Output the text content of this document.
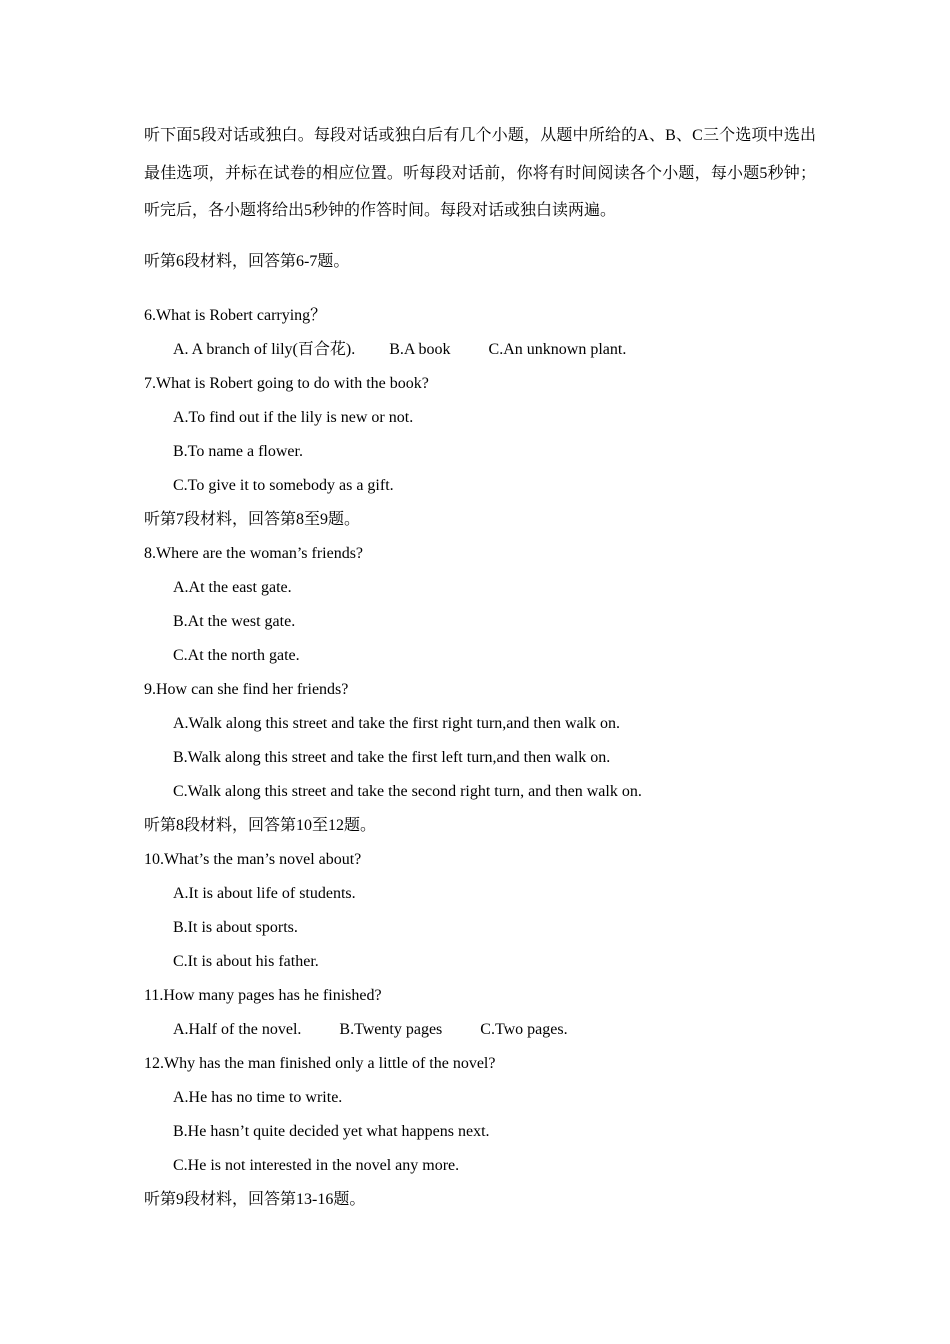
听下面5段对话或独白。每段对话或独白后有几个小题，从题中所给的A、B、C三个选项中选出最佳选项，并标在试卷的相应位置。听每段对话前，你将有时间阅读各个小题，每小题5秒钟；听完后，各小题将给出5秒钟的作答时间。每段对话或独白读两遍。

听第6段材料，回答第6-7题。
6.What is Robert carrying？
A. A branch of lily(百合花). B.A book C.An unknown plant.
7.What is Robert going to do with the book?
A.To find out if the lily is new or not.
B.To name a flower.
C.To give it to somebody as a gift.
听第7段材料，回答第8至9题。
8.Where are the woman’s friends?
A.At the east gate.
B.At the west gate.
C.At the north gate.
9.How can she find her friends?
A.Walk along this street and take the first right turn,and then walk on.
B.Walk along this street and take the first left turn,and then walk on.
C.Walk along this street and take the second right turn, and then walk on.
听第8段材料，回答第10至12题。
10.What’s the man’s novel about?
A.It is about life of students.
B.It is about sports.
C.It is about his father.
11.How many pages has he finished?
A.Half of the novel. B.Twenty pages C.Two pages.
12.Why has the man finished only a little of the novel?
A.He has no time to write.
B.He hasn’t quite decided yet what happens next.
C.He is not interested in the novel any more.
听第9段材料，回答第13-16题。
